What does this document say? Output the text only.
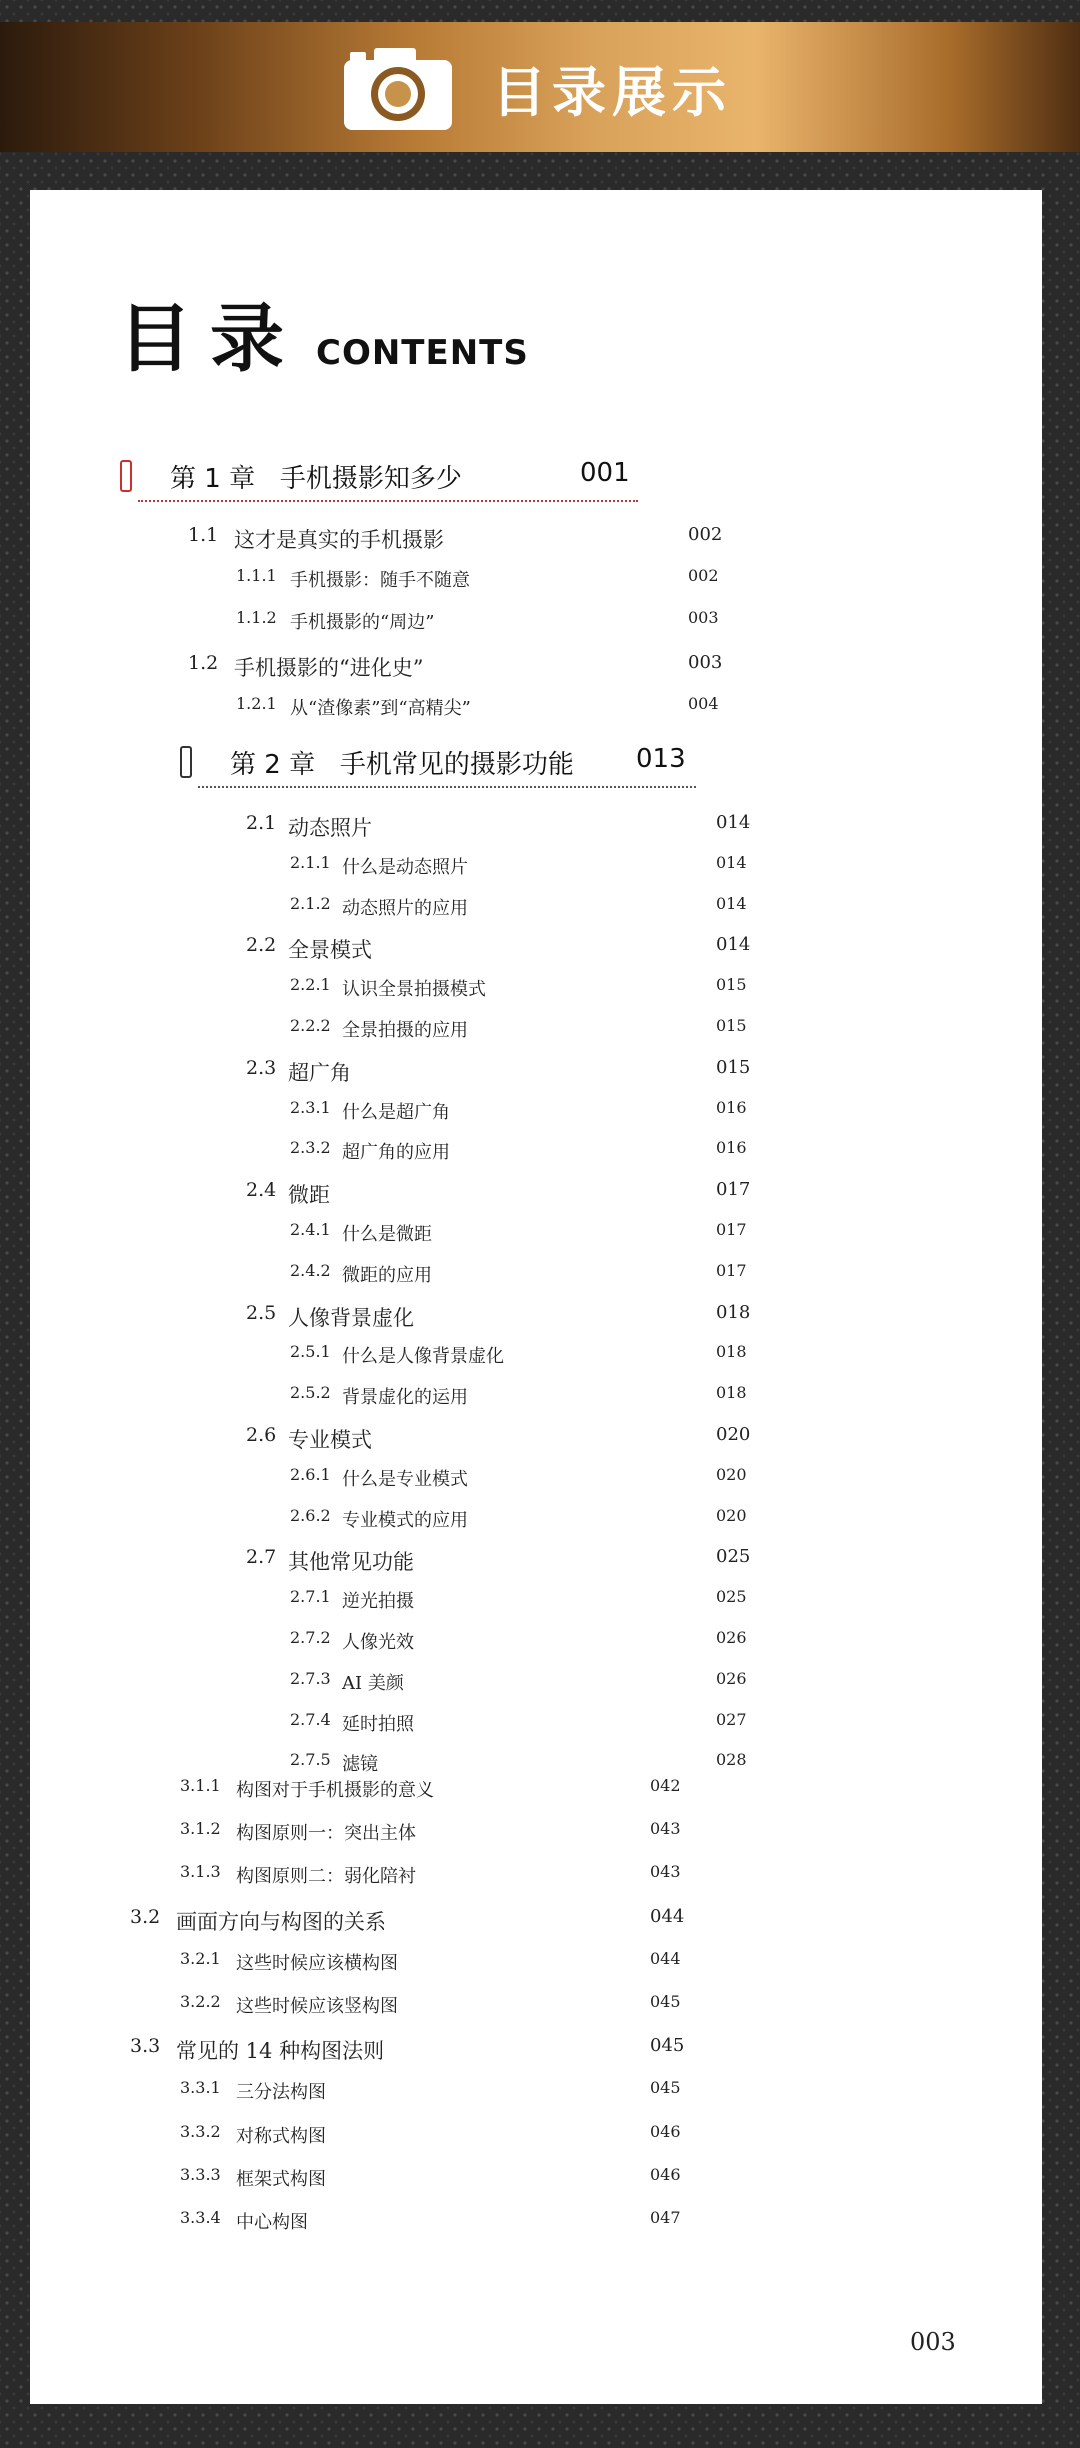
目录展示
目录 CONTENTS
第 1 章 手机摄影知多少	001
1.1 这才是真实的手机摄影	002
1.1.1 手机摄影：随手不随意	002
1.1.2 手机摄影的“周边”	003
1.2 手机摄影的“进化史”	003
1.2.1 从“渣像素”到“高精尖”	004
第 2 章 手机常见的摄影功能 013
003
2.1 动态照片	014
2.1.1 什么是动态照片	014
2.1.2 动态照片的应用	014
2.2 全景模式	014
2.2.1 认识全景拍摄模式	015
2.2.2 全景拍摄的应用	015
2.3 超广角	015
2.3.1 什么是超广角	016
2.3.2 超广角的应用	016
2.4 微距	017
2.4.1 什么是微距	017
2.4.2 微距的应用	017
2.5 人像背景虚化	018
2.5.1 什么是人像背景虚化	018
2.5.2 背景虚化的运用	018
2.6 专业模式	020
2.6.1 什么是专业模式	020
2.6.2 专业模式的应用	020
2.7 其他常见功能	025
2.7.1 逆光拍摄	025
2.7.2 人像光效	026
2.7.3 AI 美颜	026
2.7.4 延时拍照	027
2.7.5 滤镜	028
3.1.1 构图对于手机摄影的意义	042
3.1.2 构图原则一：突出主体	043
3.1.3 构图原则二：弱化陪衬	043
3.2 画面方向与构图的关系	044
3.2.1 这些时候应该横构图	044
3.2.2 这些时候应该竖构图	045
3.3 常见的 14 种构图法则	045
3.3.1 三分法构图	045
3.3.2 对称式构图	046
3.3.3 框架式构图	046
3.3.4 中心构图	047
